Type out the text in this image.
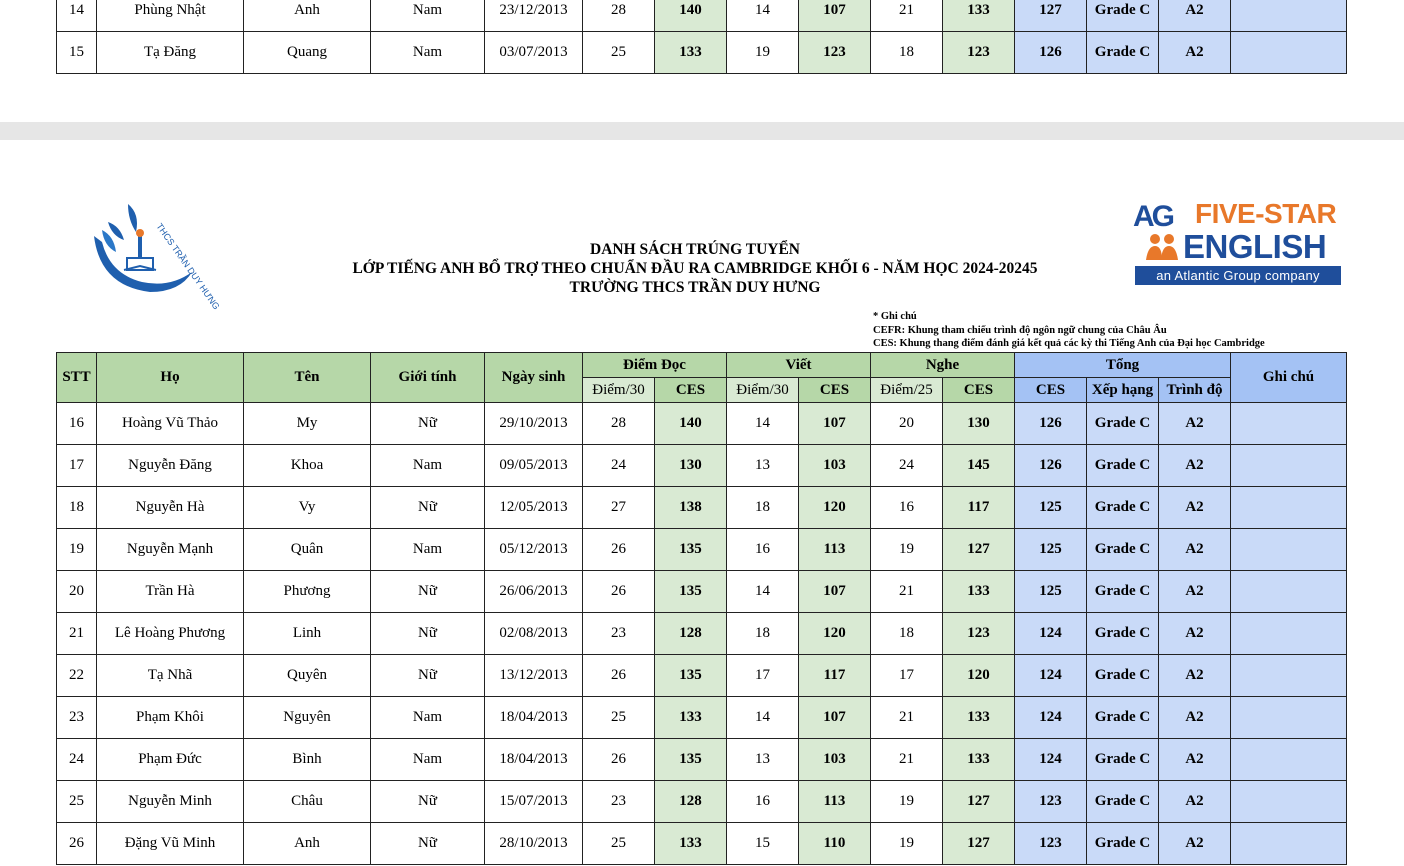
14	Phùng Nhật	Anh	Nam	23/12/2013	28	140	14	107	21	133	127	Grade C	A2	
15	Tạ Đăng	Quang	Nam	03/07/2013	25	133	19	123	18	123	126	Grade C	A2	
THCS TRẦN DUY HƯNG	DANH SÁCH TRÚNG TUYỂN
LỚP TIẾNG ANH BỔ TRỢ THEO CHUẨN ĐẦU RA CAMBRIDGE KHỐI 6 - NĂM HỌC 2024-20245
TRƯỜNG THCS TRẦN DUY HƯNG
AG FIVE-STAR
ENGLISH
an Atlantic Group company
* Ghi chú
CEFR: Khung tham chiếu trình độ ngôn ngữ chung của Châu Âu
CES: Khung thang điểm đánh giá kết quả các kỳ thi Tiếng Anh của Đại học Cambridge
STT	Họ	Tên	Giới tính	Ngày sinh	Điểm Đọc		Viết		Nghe		Tổng			Ghi chú
					Điểm/30	CES	Điểm/30	CES	Điểm/25	CES	CES	Xếp hạng	Trình độ	
16	Hoàng Vũ Thảo	My	Nữ	29/10/2013	28	140	14	107	20	130	126	Grade C	A2	
17	Nguyễn Đăng	Khoa	Nam	09/05/2013	24	130	13	103	24	145	126	Grade C	A2	
18	Nguyễn Hà	Vy	Nữ	12/05/2013	27	138	18	120	16	117	125	Grade C	A2	
19	Nguyễn Mạnh	Quân	Nam	05/12/2013	26	135	16	113	19	127	125	Grade C	A2	
20	Trần Hà	Phương	Nữ	26/06/2013	26	135	14	107	21	133	125	Grade C	A2	
21	Lê Hoàng Phương	Linh	Nữ	02/08/2013	23	128	18	120	18	123	124	Grade C	A2	
22	Tạ Nhã	Quyên	Nữ	13/12/2013	26	135	17	117	17	120	124	Grade C	A2	
23	Phạm Khôi	Nguyên	Nam	18/04/2013	25	133	14	107	21	133	124	Grade C	A2	
24	Phạm Đức	Bình	Nam	18/04/2013	26	135	13	103	21	133	124	Grade C	A2	
25	Nguyễn Minh	Châu	Nữ	15/07/2013	23	128	16	113	19	127	123	Grade C	A2	
26	Đặng Vũ Minh	Anh	Nữ	28/10/2013	25	133	15	110	19	127	123	Grade C	A2	
